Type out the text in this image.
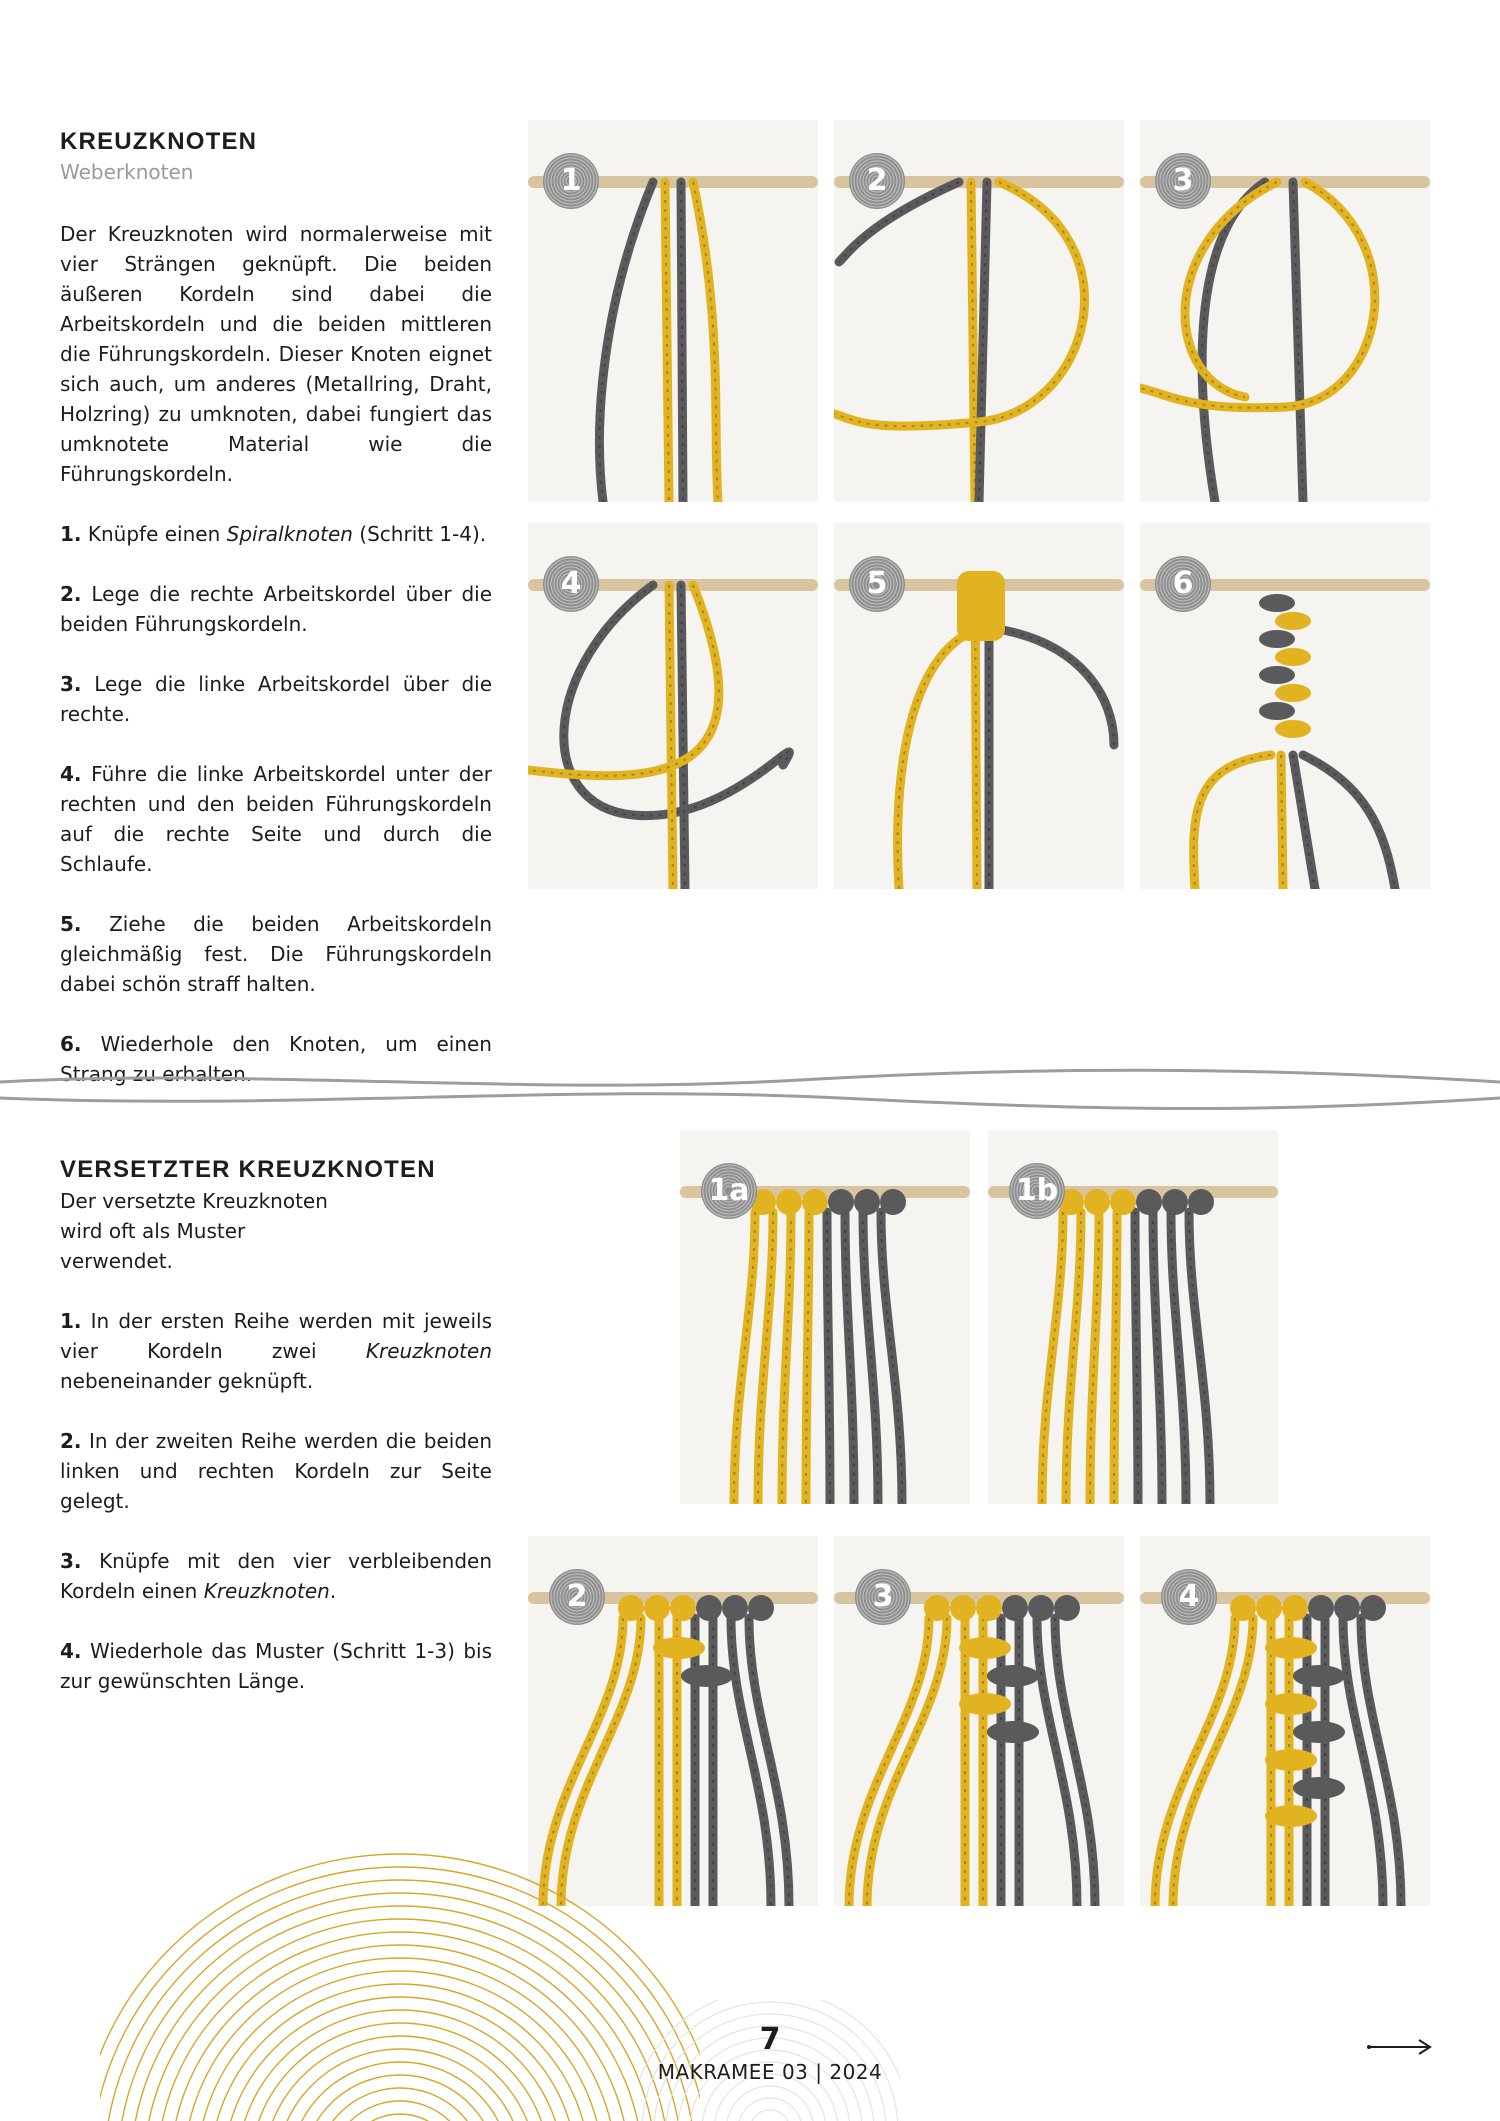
KREUZKNOTEN
Weberknoten

Der Kreuzknoten wird normalerweise mit vier Strängen geknüpft. Die beiden äußeren Kordeln sind dabei die Arbeitskordeln und die beiden mittleren die Führungskordeln. Dieser Knoten eignet sich auch, um anderes (Metallring, Draht, Holzring) zu umknoten, dabei fungiert das umknotete Material wie die Führungskordeln.

1. Knüpfe einen Spiralknoten (Schritt 1-4).

2. Lege die rechte Arbeitskordel über die beiden Führungskordeln.

3. Lege die linke Arbeitskordel über die rechte.

4. Führe die linke Arbeitskordel unter der rechten und den beiden Führungskordeln auf die rechte Seite und durch die Schlaufe.

5. Ziehe die beiden Arbeitskordeln gleichmäßig fest. Die Führungskordeln dabei schön straff halten.

6. Wiederhole den Knoten, um einen Strang zu erhalten.

1	2	3
4	5	6
VERSETZTER KREUZKNOTEN

Der versetzte Kreuzknoten wird oft als Muster verwendet.

1. In der ersten Reihe werden mit jeweils vier Kordeln zwei Kreuzknoten nebeneinander geknüpft.

2. In der zweiten Reihe werden die beiden linken und rechten Kordeln zur Seite gelegt.

3. Knüpfe mit den vier verbleibenden Kordeln einen Kreuzknoten.

4. Wiederhole das Muster (Schritt 1-3) bis zur gewünschten Länge.

1a	1b
2	3	4
7
MAKRAMEE 03 | 2024
